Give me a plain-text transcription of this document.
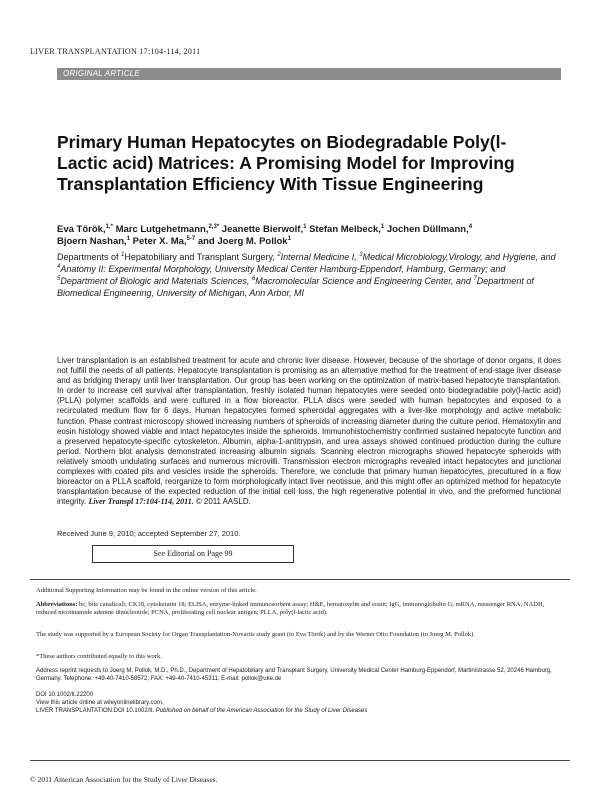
LIVER TRANSPLANTATION 17:104-114, 2011
ORIGINAL ARTICLE
Primary Human Hepatocytes on Biodegradable Poly(l-Lactic acid) Matrices: A Promising Model for Improving Transplantation Efficiency With Tissue Engineering
Eva Török,$^{1,*}$ Marc Lutgehetmann,$^{2,3*}$ Jeanette Bierwolf,$^1$ Stefan Melbeck,$^1$ Jochen Düllmann,$^4$
Bjoern Nashan,$^1$ Peter X. Ma,$^{5-7}$ and Joerg M. Pollok$^1$
Departments of $^1$Hepatobiliary and Transplant Surgery, $^2$Internal Medicine I, $^3$Medical Microbiology,Virology, and Hygiene, and $^4$Anatomy II: Experimental Morphology, University Medical Center Hamburg-Eppendorf, Hamburg, Germany; and $^5$Department of Biologic and Materials Sciences, $^6$Macromolecular Science and Engineering Center, and $^7$Department of Biomedical Engineering, University of Michigan, Ann Arbor, MI
Liver transplantation is an established treatment for acute and chronic liver disease. However, because of the shortage of donor organs, it does not fulfill the needs of all patients. Hepatocyte transplantation is promising as an alternative method for the treatment of end-stage liver disease and as bridging therapy until liver transplantation. Our group has been working on the optimization of matrix-based hepatocyte transplantation. In order to increase cell survival after transplantation, freshly isolated human hepatocytes were seeded onto biodegradable poly(l-lactic acid) (PLLA) polymer scaffolds and were cultured in a flow bioreactor. PLLA discs were seeded with human hepatocytes and exposed to a recirculated medium flow for 6 days. Human hepatocytes formed spheroidal aggregates with a liver-like morphology and active metabolic function. Phase contrast microscopy showed increasing numbers of spheroids of increasing diameter during the culture period. Hematoxylin and eosin histology showed viable and intact hepatocytes inside the spheroids. Immunohistochemistry confirmed sustained hepatocyte function and a preserved hepatocyte-specific cytoskeleton. Albumin, alpha-1-antitrypsin, and urea assays showed continued production during the culture period. Northern blot analysis demonstrated increasing albumin signals. Scanning electron micrographs showed hepatocyte spheroids with relatively smooth undulating surfaces and numerous microvilli. Transmission electron micrographs revealed intact hepatocytes and junctional complexes with coated pits and vesicles inside the spheroids. Therefore, we conclude that primary human hepatocytes, precultured in a flow bioreactor on a PLLA scaffold, reorganize to form morphologically intact liver neotissue, and this might offer an optimized method for hepatocyte transplantation because of the expected reduction of the initial cell loss, the high regenerative potential in vivo, and the preformed functional integrity. Liver Transpl 17:104-114, 2011. © 2011 AASLD.
Received June 9, 2010; accepted September 27, 2010.
See Editorial on Page 99
Additional Supporting Information may be found in the online version of this article.
Abbreviations: bc, bile canaliculi; CK18, cytokeratin 18; ELISA, enzyme-linked immunosorbent assay; H&E, hematoxylin and eosin; IgG, immunoglobulin G; mRNA, messenger RNA; NADH, reduced nicotinamide adenine dinucleotide; PCNA, proliferating cell nuclear antigen; PLLA, poly(l-lactic acid).
The study was supported by a European Society for Organ Transplantation-Novartis study grant (to Eva Török) and by the Werner Otto Foundation (to Joerg M. Pollok).
*These authors contributed equally to this work.
Address reprint requests to Joerg M. Pollok, M.D., Ph.D., Department of Hepatobiliary and Transplant Surgery, University Medical Center Hamburg-Eppendorf, Martinistrasse 52, 20246 Hamburg, Germany. Telephone: +49-40-7410-58572; FAX: +49-40-7410-45311; E-mail: pollok@uke.de
DOI 10.1002/lt.22200
View this article online at wileyonlinelibrary.com.
LIVER TRANSPLANTATION.DOI 10.1002/lt. Published on behalf of the American Association for the Study of Liver Diseases
© 2011 American Association for the Study of Liver Diseases.
